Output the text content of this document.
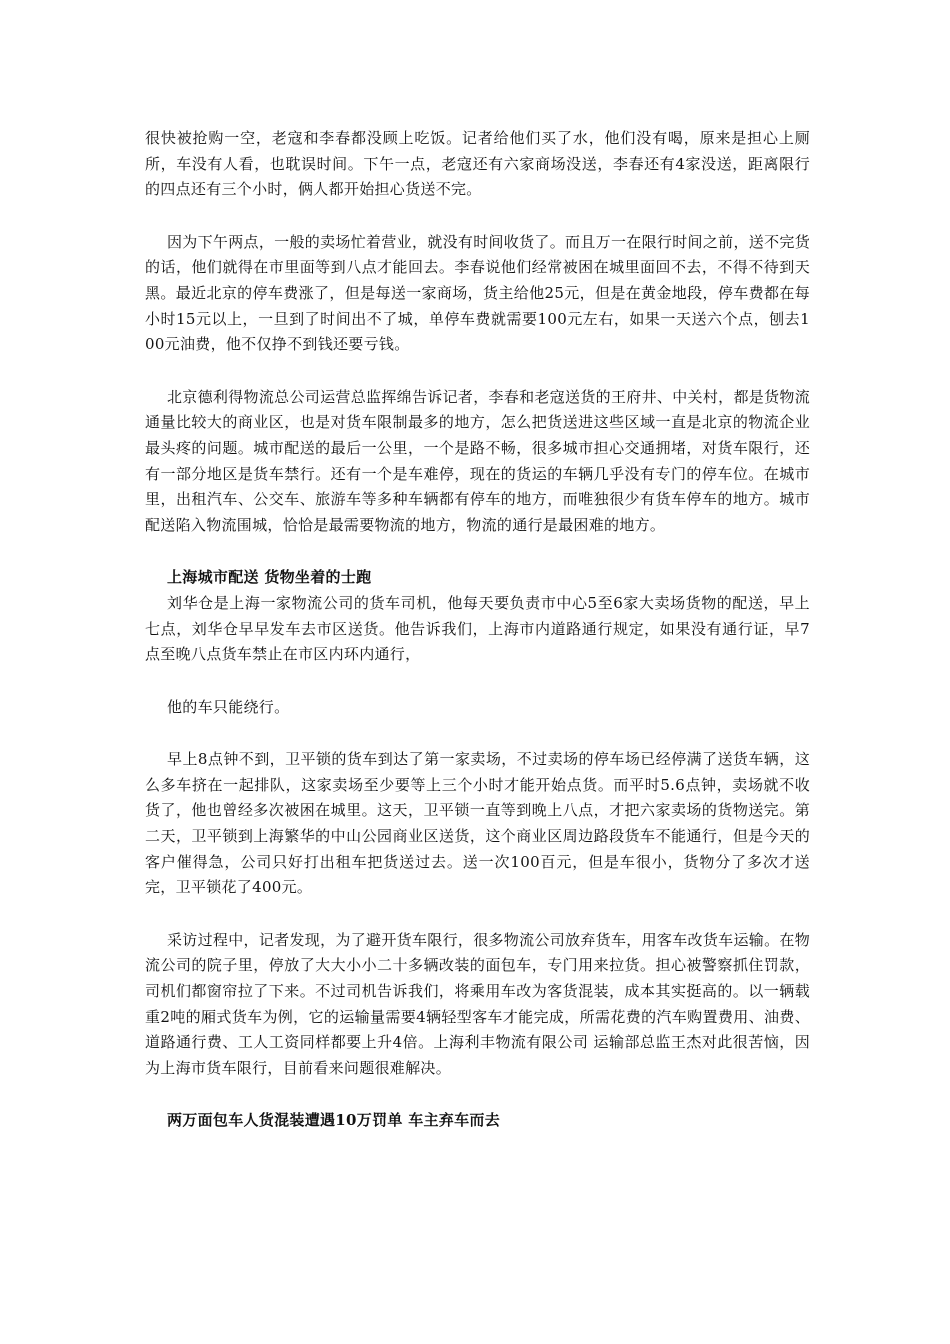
很快被抢购一空，老寇和李春都没顾上吃饭。记者给他们买了水，他们没有喝，原来是担心上厕所，车没有人看，也耽误时间。下午一点，老寇还有六家商场没送，李春还有4家没送，距离限行的四点还有三个小时，俩人都开始担心货送不完。

因为下午两点，一般的卖场忙着营业，就没有时间收货了。而且万一在限行时间之前，送不完货的话，他们就得在市里面等到八点才能回去。李春说他们经常被困在城里面回不去，不得不待到天黑。最近北京的停车费涨了，但是每送一家商场，货主给他25元，但是在黄金地段，停车费都在每小时15元以上，一旦到了时间出不了城，单停车费就需要100元左右，如果一天送六个点，刨去100元油费，他不仅挣不到钱还要亏钱。

北京德利得物流总公司运营总监挥绵告诉记者，李春和老寇送货的王府井、中关村，都是货物流通量比较大的商业区，也是对货车限制最多的地方，怎么把货送进这些区域一直是北京的物流企业最头疼的问题。城市配送的最后一公里，一个是路不畅，很多城市担心交通拥堵，对货车限行，还有一部分地区是货车禁行。还有一个是车难停，现在的货运的车辆几乎没有专门的停车位。在城市里，出租汽车、公交车、旅游车等多种车辆都有停车的地方，而唯独很少有货车停车的地方。城市配送陷入物流围城，恰恰是最需要物流的地方，物流的通行是最困难的地方。

上海城市配送 货物坐着的士跑

刘华仓是上海一家物流公司的货车司机，他每天要负责市中心5至6家大卖场货物的配送，早上七点，刘华仓早早发车去市区送货。他告诉我们，上海市内道路通行规定，如果没有通行证，早7点至晚八点货车禁止在市区内环内通行，

他的车只能绕行。

早上8点钟不到，卫平锁的货车到达了第一家卖场，不过卖场的停车场已经停满了送货车辆，这么多车挤在一起排队，这家卖场至少要等上三个小时才能开始点货。而平时5.6点钟，卖场就不收货了，他也曾经多次被困在城里。这天，卫平锁一直等到晚上八点，才把六家卖场的货物送完。第二天，卫平锁到上海繁华的中山公园商业区送货，这个商业区周边路段货车不能通行，但是今天的客户催得急，公司只好打出租车把货送过去。送一次100百元，但是车很小，货物分了多次才送完，卫平锁花了400元。

采访过程中，记者发现，为了避开货车限行，很多物流公司放弃货车，用客车改货车运输。在物流公司的院子里，停放了大大小小二十多辆改装的面包车，专门用来拉货。担心被警察抓住罚款，司机们都窗帘拉了下来。不过司机告诉我们，将乘用车改为客货混装，成本其实挺高的。以一辆载重2吨的厢式货车为例，它的运输量需要4辆轻型客车才能完成，所需花费的汽车购置费用、油费、道路通行费、工人工资同样都要上升4倍。上海利丰物流有限公司 运输部总监王杰对此很苦恼，因为上海市货车限行，目前看来问题很难解决。

两万面包车人货混装遭遇10万罚单 车主弃车而去
